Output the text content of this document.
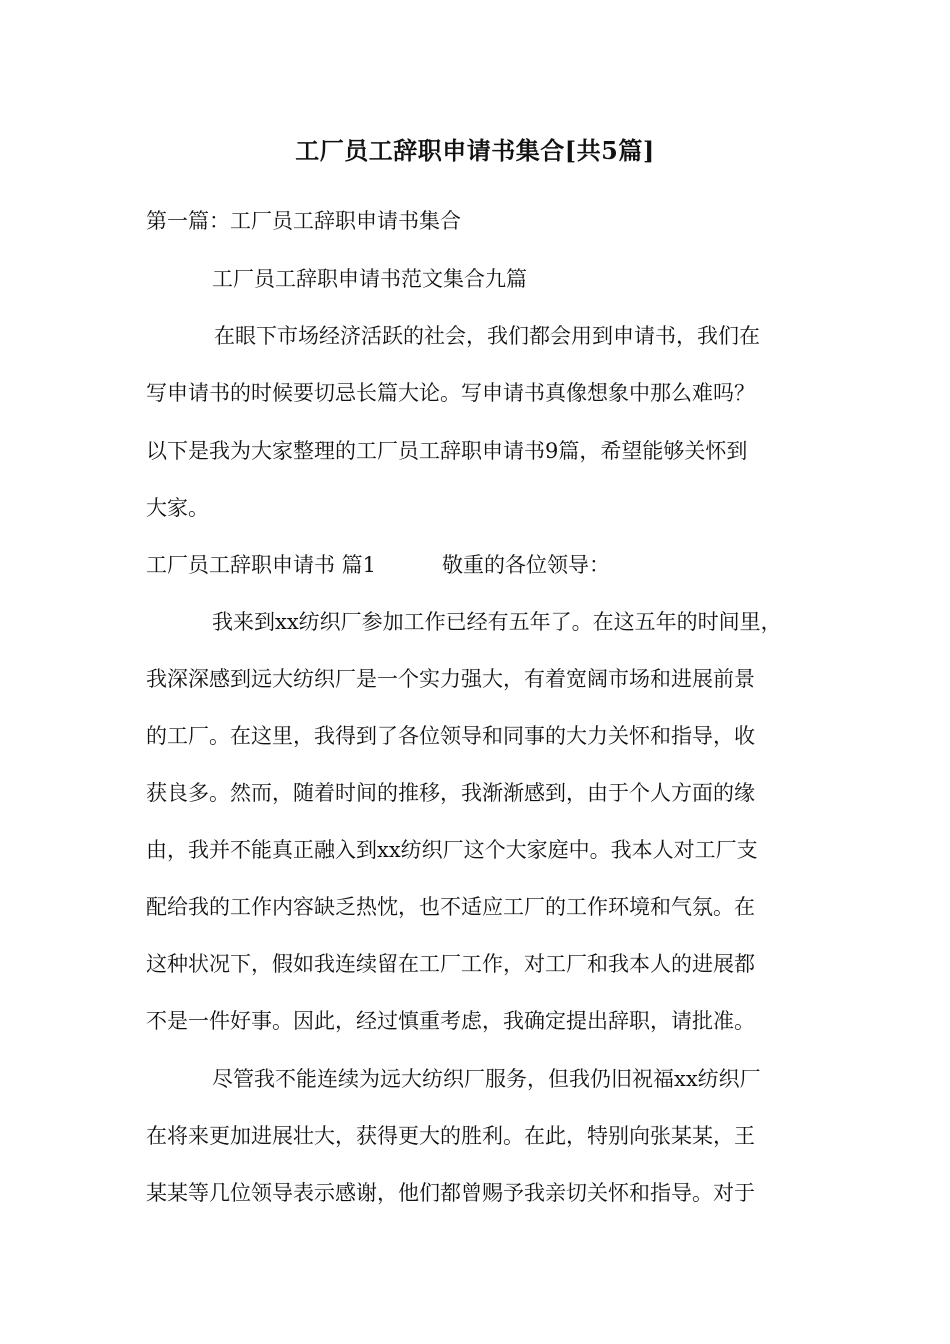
工厂员工辞职申请书集合[共5篇]
第一篇：工厂员工辞职申请书集合
工厂员工辞职申请书范文集合九篇
在眼下市场经济活跃的社会，我们都会用到申请书，我们在
写申请书的时候要切忌长篇大论。写申请书真像想象中那么难吗？
以下是我为大家整理的工厂员工辞职申请书9篇，希望能够关怀到
大家。
工厂员工辞职申请书 篇1	敬重的各位领导：
我来到xx纺织厂参加工作已经有五年了。在这五年的时间里，
我深深感到远大纺织厂是一个实力强大，有着宽阔市场和进展前景
的工厂。在这里，我得到了各位领导和同事的大力关怀和指导，收
获良多。然而，随着时间的推移，我渐渐感到，由于个人方面的缘
由，我并不能真正融入到xx纺织厂这个大家庭中。我本人对工厂支
配给我的工作内容缺乏热忱，也不适应工厂的工作环境和气氛。在
这种状况下，假如我连续留在工厂工作，对工厂和我本人的进展都
不是一件好事。因此，经过慎重考虑，我确定提出辞职，请批准。
尽管我不能连续为远大纺织厂服务，但我仍旧祝福xx纺织厂
在将来更加进展壮大，获得更大的胜利。在此，特别向张某某，王
某某等几位领导表示感谢，他们都曾赐予我亲切关怀和指导。对于
